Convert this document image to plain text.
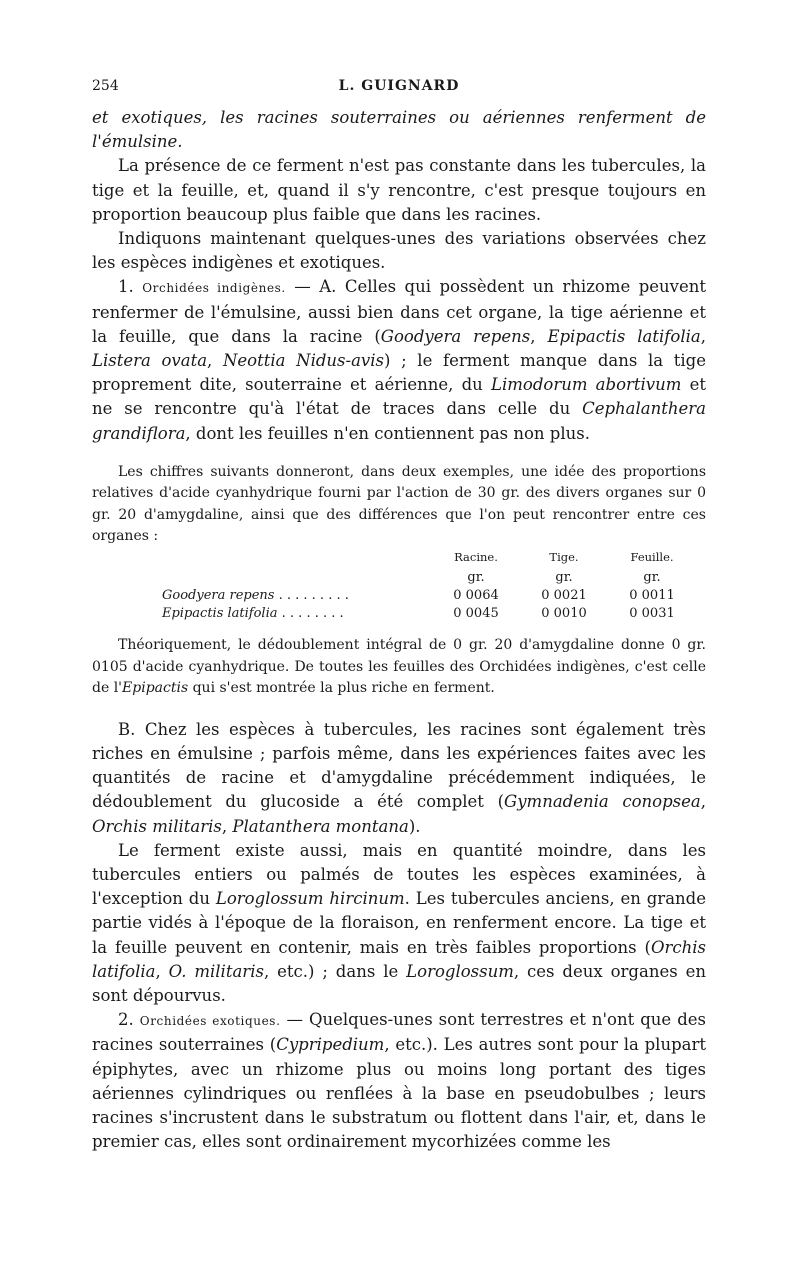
254	L. GUIGNARD

et exotiques, les racines souterraines ou aériennes renferment de l'émulsine.

La présence de ce ferment n'est pas constante dans les tubercules, la tige et la feuille, et, quand il s'y rencontre, c'est presque toujours en proportion beaucoup plus faible que dans les racines.

Indiquons maintenant quelques-unes des variations observées chez les espèces indigènes et exotiques.

1. Orchidées indigènes. — A. Celles qui possèdent un rhizome peuvent renfermer de l'émulsine, aussi bien dans cet organe, la tige aérienne et la feuille, que dans la racine (Goodyera repens, Epipactis latifolia, Listera ovata, Neottia Nidus-avis) ; le ferment manque dans la tige proprement dite, souterraine et aérienne, du Limodorum abortivum et ne se rencontre qu'à l'état de traces dans celle du Cephalanthera grandiflora, dont les feuilles n'en contiennent pas non plus.

Les chiffres suivants donneront, dans deux exemples, une idée des proportions relatives d'acide cyanhydrique fourni par l'action de 30 gr. des divers organes sur 0 gr. 20 d'amygdaline, ainsi que des différences que l'on peut rencontrer entre ces organes :

	Racine.	Tige.	Feuille.
	gr.	gr.	gr.
Goodyera repens . . . . . . . . .	0 0064	0 0021	0 0011
Epipactis latifolia . . . . . . . .	0 0045	0 0010	0 0031

Théoriquement, le dédoublement intégral de 0 gr. 20 d'amygdaline donne 0 gr. 0105 d'acide cyanhydrique. De toutes les feuilles des Orchidées indigènes, c'est celle de l'Epipactis qui s'est montrée la plus riche en ferment.

B. Chez les espèces à tubercules, les racines sont également très riches en émulsine ; parfois même, dans les expériences faites avec les quantités de racine et d'amygdaline précédemment indiquées, le dédoublement du glucoside a été complet (Gymnadenia conopsea, Orchis militaris, Platanthera montana).

Le ferment existe aussi, mais en quantité moindre, dans les tubercules entiers ou palmés de toutes les espèces examinées, à l'exception du Loroglossum hircinum. Les tubercules anciens, en grande partie vidés à l'époque de la floraison, en renferment encore. La tige et la feuille peuvent en contenir, mais en très faibles proportions (Orchis latifolia, O. militaris, etc.) ; dans le Loroglossum, ces deux organes en sont dépourvus.

2. Orchidées exotiques. — Quelques-unes sont terrestres et n'ont que des racines souterraines (Cypripedium, etc.). Les autres sont pour la plupart épiphytes, avec un rhizome plus ou moins long portant des tiges aériennes cylindriques ou renflées à la base en pseudobulbes ; leurs racines s'incrustent dans le substratum ou flottent dans l'air, et, dans le premier cas, elles sont ordinairement mycorhizées comme les
